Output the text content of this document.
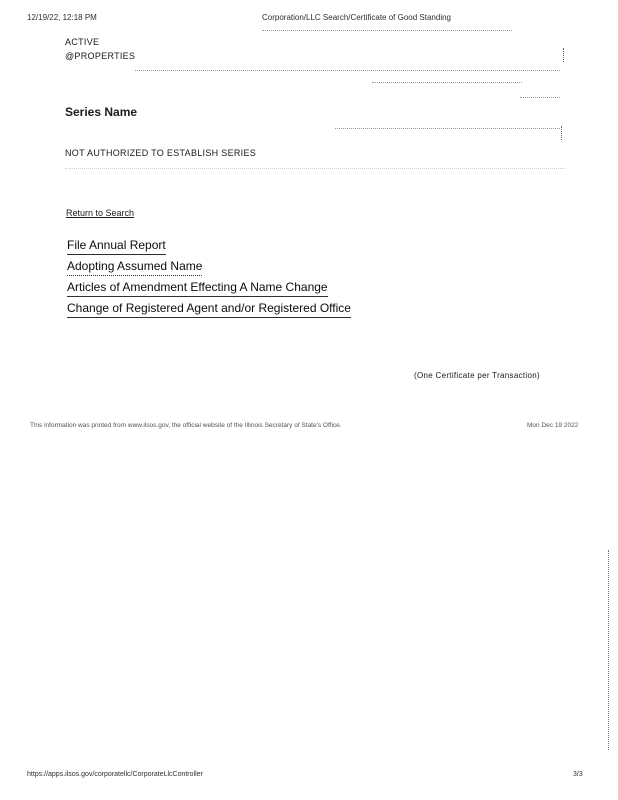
12/19/22, 12:18 PM	Corporation/LLC Search/Certificate of Good Standing
ACTIVE
@PROPERTIES
Series Name
NOT AUTHORIZED TO ESTABLISH SERIES
Return to Search
File Annual Report
Adopting Assumed Name
Articles of Amendment Effecting A Name Change
Change of Registered Agent and/or Registered Office
(One Certificate per Transaction)
This information was printed from www.ilsos.gov, the official website of the Illinois Secretary of State's Office.	Mon Dec 19 2022
https://apps.ilsos.gov/corporatellc/CorporateLlcController	3/3
